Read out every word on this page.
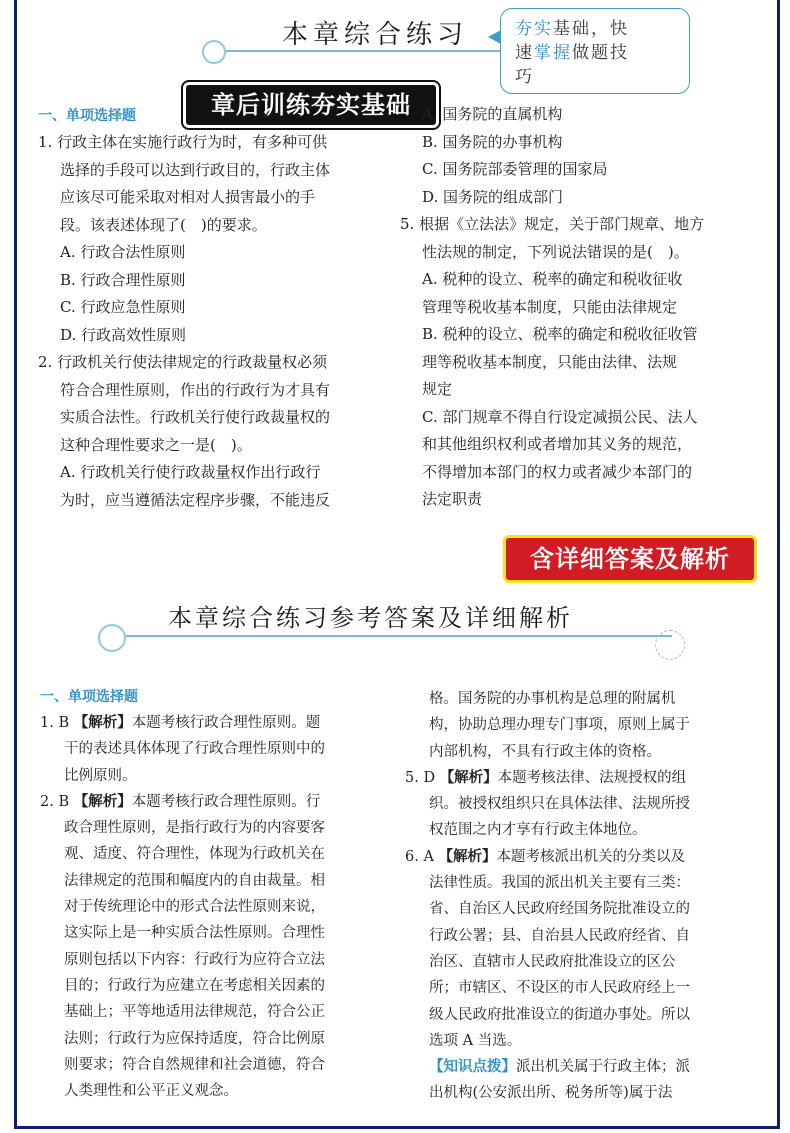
本章综合练习	夯实基础，快
速掌握做题技
巧
章后训练夯实基础
一、单项选择题

1. 行政主体在实施行政行为时，有多种可供

选择的手段可以达到行政目的，行政主体

应该尽可能采取对相对人损害最小的手

段。该表述体现了(　)的要求。

A. 行政合法性原则

B. 行政合理性原则

C. 行政应急性原则

D. 行政高效性原则

2. 行政机关行使法律规定的行政裁量权必须

符合合理性原则，作出的行政行为才具有

实质合法性。行政机关行使行政裁量权的

这种合理性要求之一是(　)。

A. 行政机关行使行政裁量权作出行政行

为时，应当遵循法定程序步骤，不能违反

A. 国务院的直属机构

B. 国务院的办事机构

C. 国务院部委管理的国家局

D. 国务院的组成部门

5. 根据《立法法》规定，关于部门规章、地方

性法规的制定，下列说法错误的是(　)。

A. 税种的设立、税率的确定和税收征收

管理等税收基本制度，只能由法律规定

B. 税种的设立、税率的确定和税收征收管

理等税收基本制度，只能由法律、法规

规定

C. 部门规章不得自行设定减损公民、法人

和其他组织权利或者增加其义务的规范，

不得增加本部门的权力或者减少本部门的

法定职责

含详细答案及解析
本章综合练习参考答案及详细解析
一、单项选择题

1. B 【解析】本题考核行政合理性原则。题

干的表述具体体现了行政合理性原则中的

比例原则。

2. B 【解析】本题考核行政合理性原则。行

政合理性原则，是指行政行为的内容要客

观、适度、符合理性，体现为行政机关在

法律规定的范围和幅度内的自由裁量。相

对于传统理论中的形式合法性原则来说，

这实际上是一种实质合法性原则。合理性

原则包括以下内容：行政行为应符合立法

目的；行政行为应建立在考虑相关因素的

基础上；平等地适用法律规范，符合公正

法则；行政行为应保持适度，符合比例原

则要求；符合自然规律和社会道德，符合

人类理性和公平正义观念。

格。国务院的办事机构是总理的附属机

构，协助总理办理专门事项，原则上属于

内部机构，不具有行政主体的资格。

5. D 【解析】本题考核法律、法规授权的组

织。被授权组织只在具体法律、法规所授

权范围之内才享有行政主体地位。

6. A 【解析】本题考核派出机关的分类以及

法律性质。我国的派出机关主要有三类：

省、自治区人民政府经国务院批准设立的

行政公署；县、自治县人民政府经省、自

治区、直辖市人民政府批准设立的区公

所；市辖区、不设区的市人民政府经上一

级人民政府批准设立的街道办事处。所以

选项 A 当选。

【知识点拨】派出机关属于行政主体；派

出机构(公安派出所、税务所等)属于法
